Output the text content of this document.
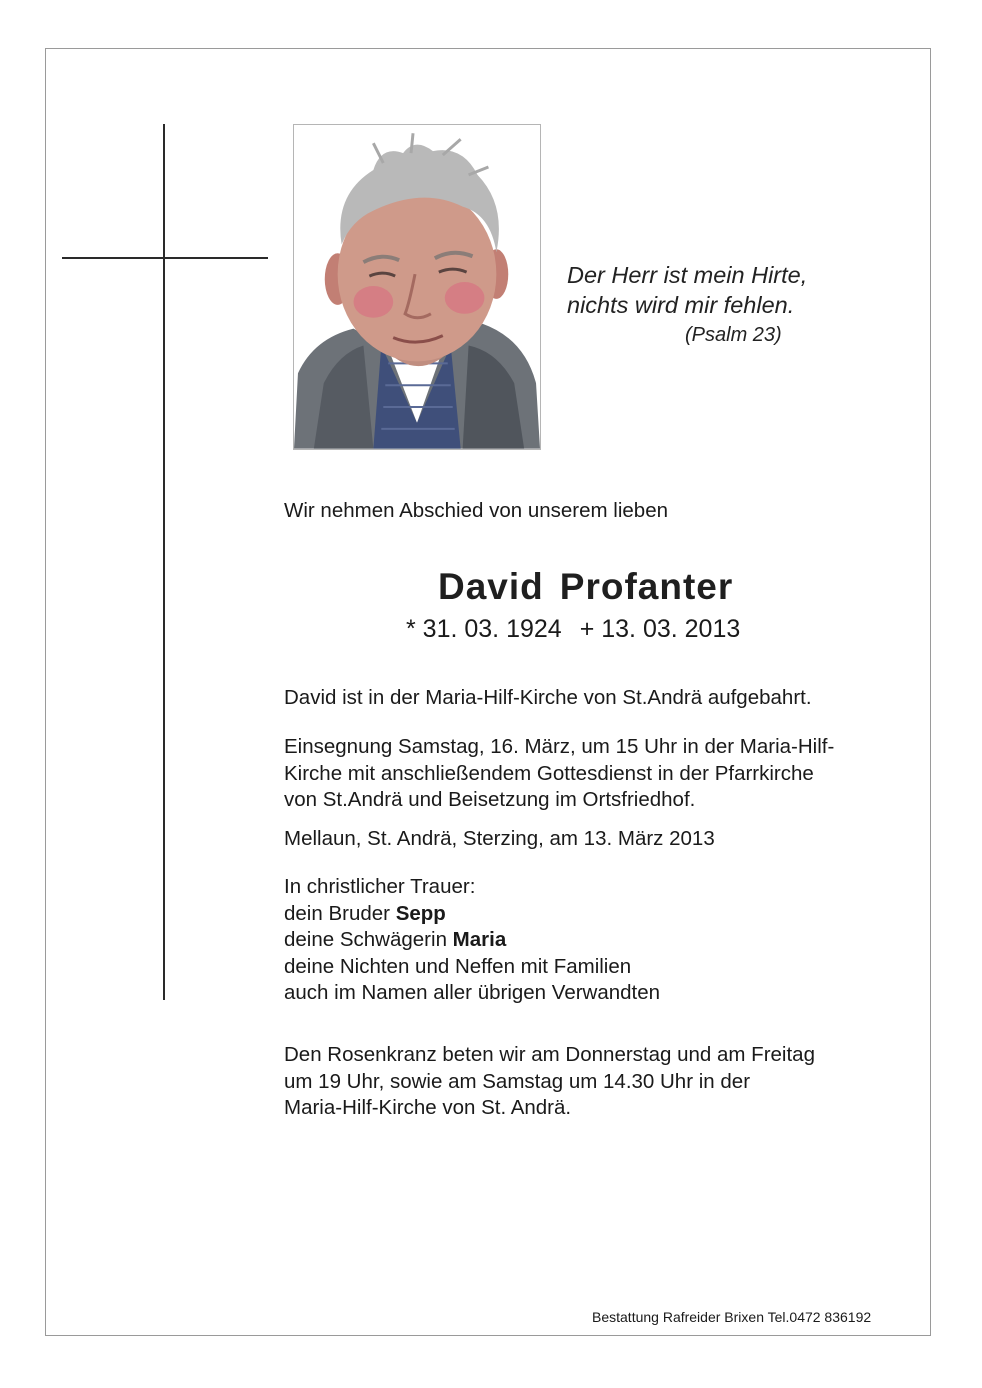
Der Herr ist mein Hirte,
nichts wird mir fehlen.
(Psalm 23)
Wir nehmen Abschied von unserem lieben
David Profanter
* 31. 03. 1924 + 13. 03. 2013
David ist in der Maria-Hilf-Kirche von St.Andrä aufgebahrt.
Einsegnung Samstag, 16. März, um 15 Uhr in der Maria-Hilf-
Kirche mit anschließendem Gottesdienst in der Pfarrkirche
von St.Andrä und Beisetzung im Ortsfriedhof.
Mellaun, St. Andrä, Sterzing, am 13. März 2013
In christlicher Trauer:
dein Bruder Sepp
deine Schwägerin Maria
deine Nichten und Neffen mit Familien
auch im Namen aller übrigen Verwandten
Den Rosenkranz beten wir am Donnerstag und am Freitag
um 19 Uhr, sowie am Samstag um 14.30 Uhr in der
Maria-Hilf-Kirche von St. Andrä.
Bestattung Rafreider Brixen Tel.0472 836192
